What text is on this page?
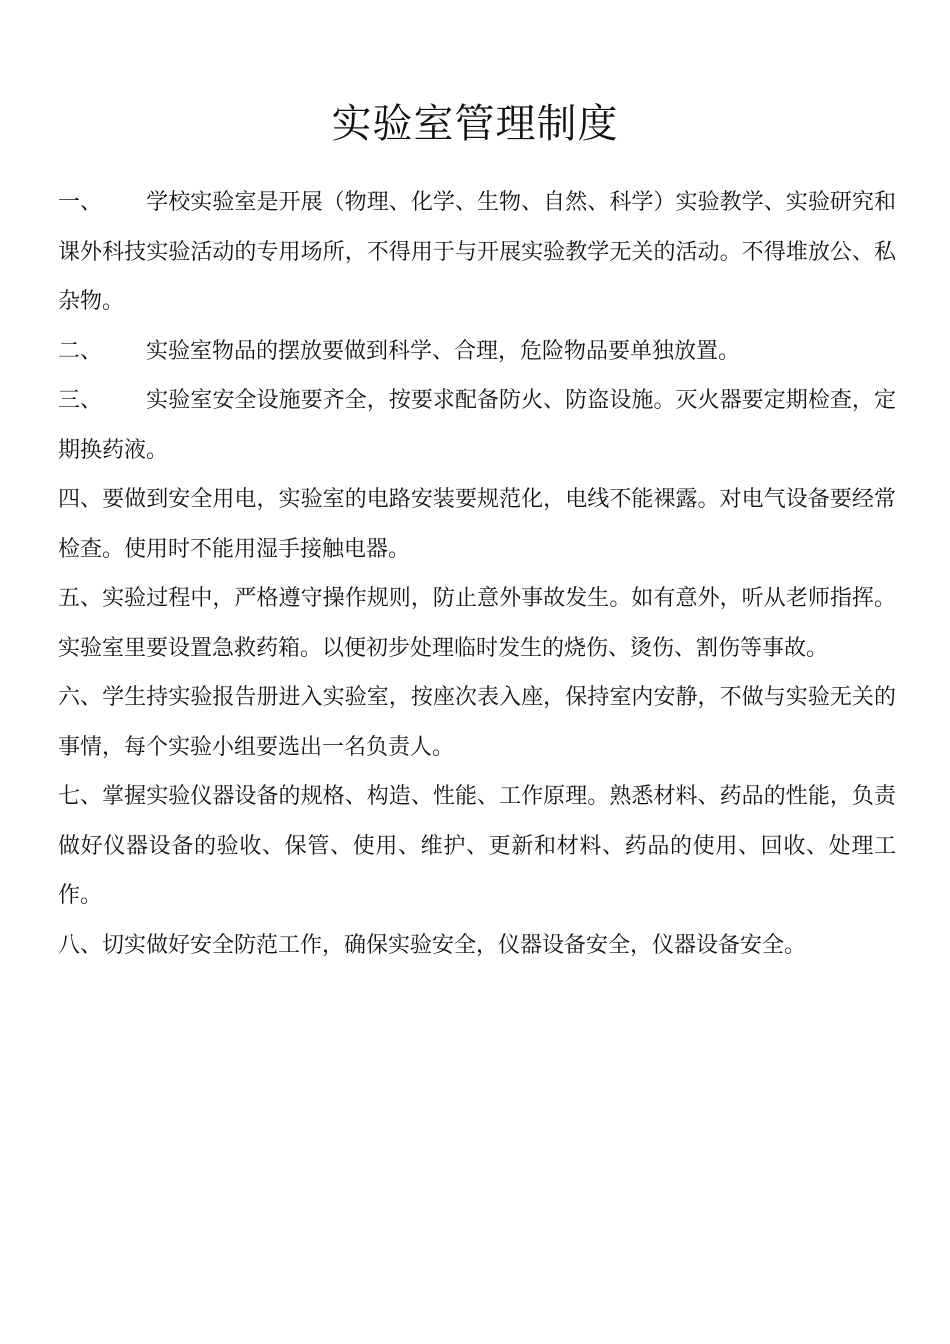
实验室管理制度

一、 学校实验室是开展（物理、化学、生物、自然、科学）实验教学、实验研究和课外科技实验活动的专用场所，不得用于与开展实验教学无关的活动。不得堆放公、私杂物。

二、 实验室物品的摆放要做到科学、合理，危险物品要单独放置。

三、 实验室安全设施要齐全，按要求配备防火、防盗设施。灭火器要定期检查，定期换药液。

四、要做到安全用电，实验室的电路安装要规范化，电线不能裸露。对电气设备要经常检查。使用时不能用湿手接触电器。

五、实验过程中，严格遵守操作规则，防止意外事故发生。如有意外，听从老师指挥。实验室里要设置急救药箱。以便初步处理临时发生的烧伤、烫伤、割伤等事故。

六、学生持实验报告册进入实验室，按座次表入座，保持室内安静，不做与实验无关的事情，每个实验小组要选出一名负责人。

七、掌握实验仪器设备的规格、构造、性能、工作原理。熟悉材料、药品的性能，负责做好仪器设备的验收、保管、使用、维护、更新和材料、药品的使用、回收、处理工作。

八、切实做好安全防范工作，确保实验安全，仪器设备安全，仪器设备安全。
